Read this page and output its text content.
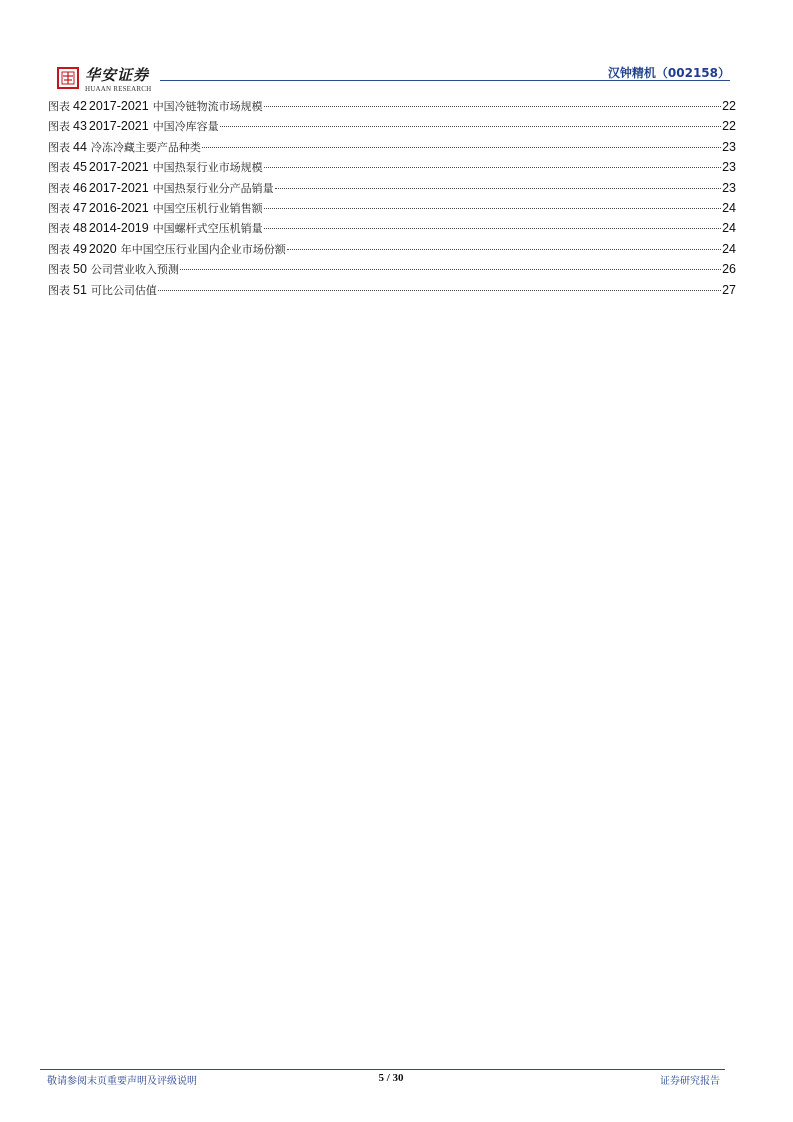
华安证券
HUAAN RESEARCH
汉钟精机（002158）
图表 42 2017-2021 中国冷链物流市场规模	22
图表 43 2017-2021 中国冷库容量	22
图表 44 冷冻冷藏主要产品种类	23
图表 45 2017-2021 中国热泵行业市场规模	23
图表 46 2017-2021 中国热泵行业分产品销量	23
图表 47 2016-2021 中国空压机行业销售额	24
图表 48 2014-2019 中国螺杆式空压机销量	24
图表 49 2020 年中国空压行业国内企业市场份额	24
图表 50 公司营业收入预测	26
图表 51 可比公司估值	27
敬请参阅末页重要声明及评级说明	5 / 30	证券研究报告
